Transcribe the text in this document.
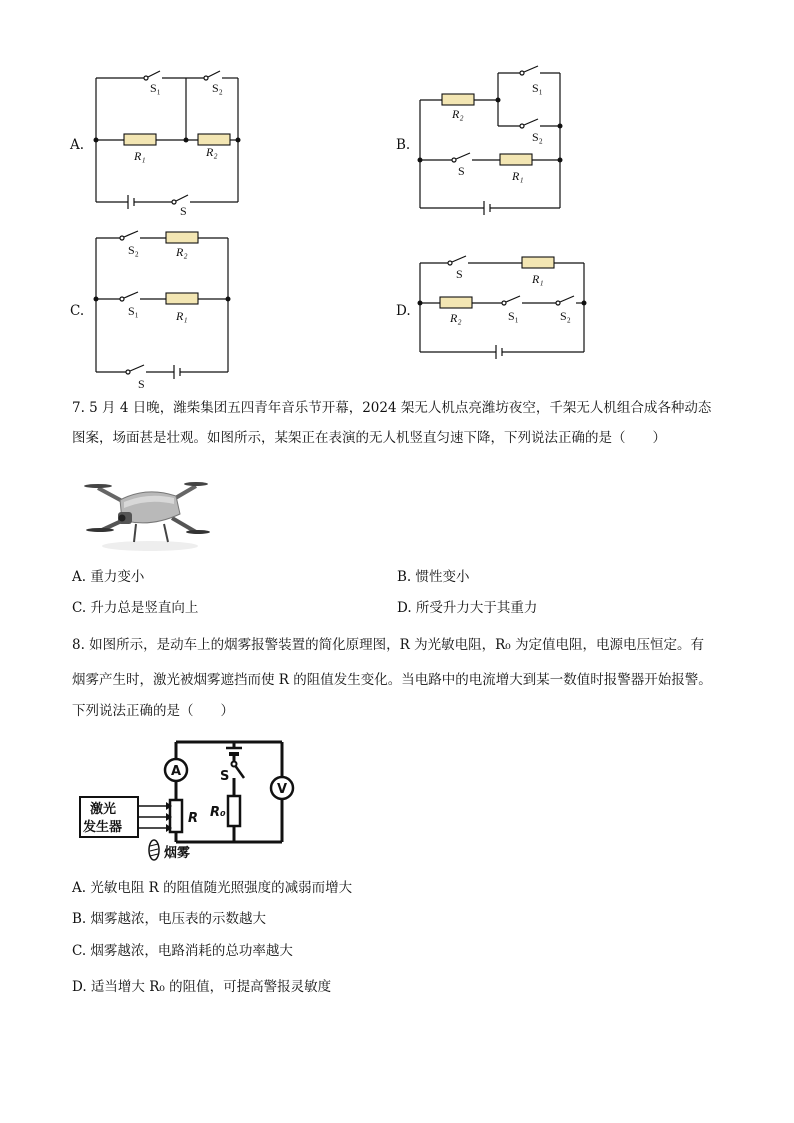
A.
S₁	S₂
R₁	R₂
S
B.
S₁
S₂
R₂
R₁
S
C.
S₂	R₂
S₁	R₁
S
D.
S	R₁
R₂	S₁	S₂
7. 5 月 4 日晚，潍柴集团五四青年音乐节开幕，2024 架无人机点亮潍坊夜空，千架无人机组合成各种动态
图案，场面甚是壮观。如图所示，某架正在表演的无人机竖直匀速下降，下列说法正确的是（　　）
A. 重力变小	B. 惯性变小
C. 升力总是竖直向上	D. 所受升力大于其重力
8. 如图所示，是动车上的烟雾报警装置的简化原理图，R 为光敏电阻，R₀ 为定值电阻，电源电压恒定。有
烟雾产生时，激光被烟雾遮挡而使 R 的阻值发生变化。当电路中的电流增大到某一数值时报警器开始报警。
下列说法正确的是（　　）
A
R
V
S
R₀
激光
发生器
烟雾
A. 光敏电阻 R 的阻值随光照强度的减弱而增大
B. 烟雾越浓，电压表的示数越大
C. 烟雾越浓，电路消耗的总功率越大
D. 适当增大 R₀ 的阻值，可提高警报灵敏度
